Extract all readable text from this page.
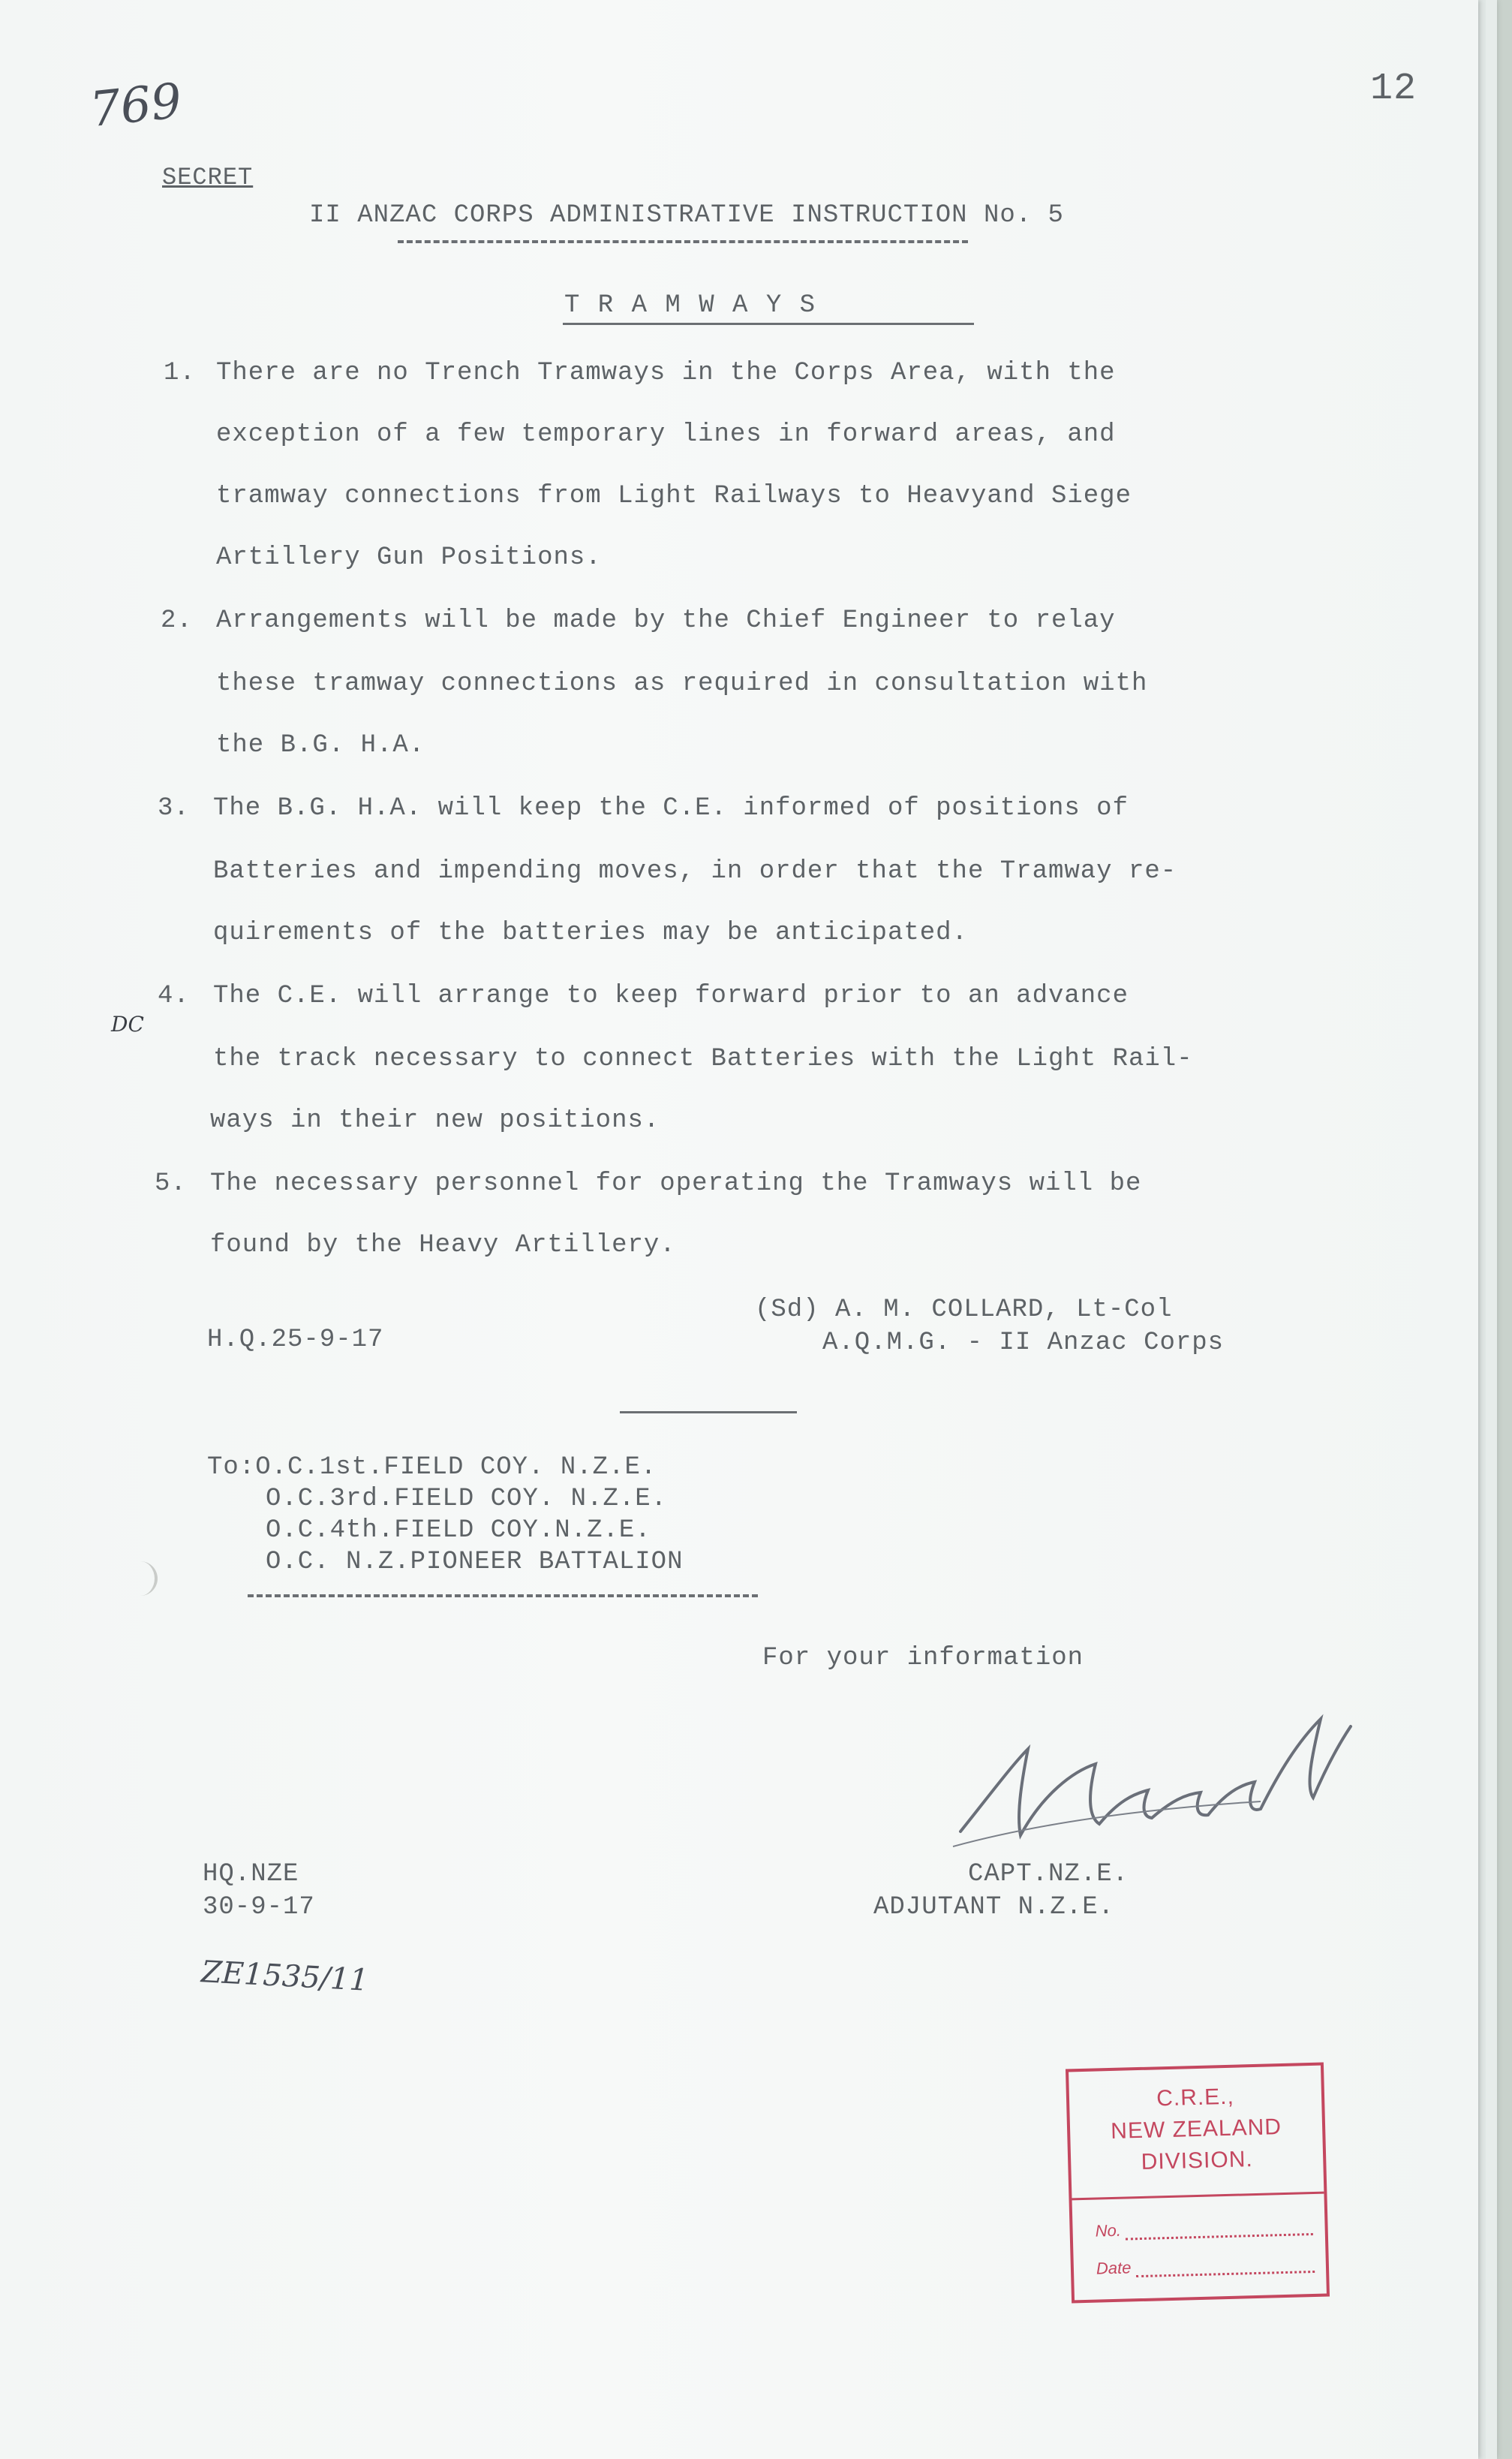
769	12
SECRET
II ANZAC CORPS ADMINISTRATIVE INSTRUCTION No. 5
T R A M W A Y S
1. There are no Trench Tramways in the Corps Area, with the
exception of a few temporary lines in forward areas, and
tramway connections from Light Railways to Heavyand Siege
Artillery Gun Positions.
2. Arrangements will be made by the Chief Engineer to relay
these tramway connections as required in consultation with
the B.G. H.A.
3. The B.G. H.A. will keep the C.E. informed of positions of
Batteries and impending moves, in order that the Tramway re-
quirements of the batteries may be anticipated.
DC
4. The C.E. will arrange to keep forward prior to an advance
the track necessary to connect Batteries with the Light Rail-
ways in their new positions.
5. The necessary personnel for operating the Tramways will be
found by the Heavy Artillery.
(Sd) A. M. COLLARD, Lt-Col
A.Q.M.G. - II Anzac Corps
H.Q.25-9-17
To:O.C.1st.FIELD COY. N.Z.E.
O.C.3rd.FIELD COY. N.Z.E.
O.C.4th.FIELD COY.N.Z.E.
O.C. N.Z.PIONEER BATTALION
For your information
HQ.NZE
30-9-17
CAPT.NZ.E.
ADJUTANT N.Z.E.
ZE1535/11
C.R.E.,
NEW ZEALAND
DIVISION.
No.
Date
